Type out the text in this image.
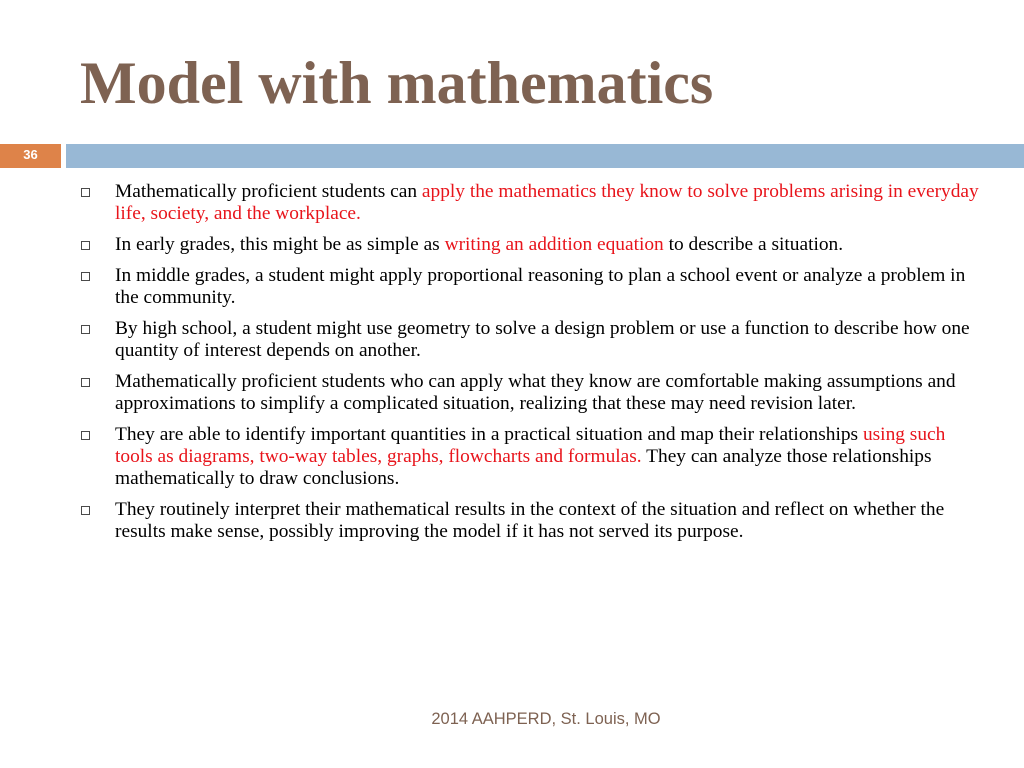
Model with mathematics
36
Mathematically proficient students can apply the mathematics they know to solve problems arising in everyday life, society, and the workplace.
In early grades, this might be as simple as writing an addition equation to describe a situation.
In middle grades, a student might apply proportional reasoning to plan a school event or analyze a problem in the community.
By high school, a student might use geometry to solve a design problem or use a function to describe how one quantity of interest depends on another.
Mathematically proficient students who can apply what they know are comfortable making assumptions and approximations to simplify a complicated situation, realizing that these may need revision later.
They are able to identify important quantities in a practical situation and map their relationships using such tools as diagrams, two-way tables, graphs, flowcharts and formulas. They can analyze those relationships mathematically to draw conclusions.
They routinely interpret their mathematical results in the context of the situation and reflect on whether the results make sense, possibly improving the model if it has not served its purpose.
2014 AAHPERD, St. Louis, MO
